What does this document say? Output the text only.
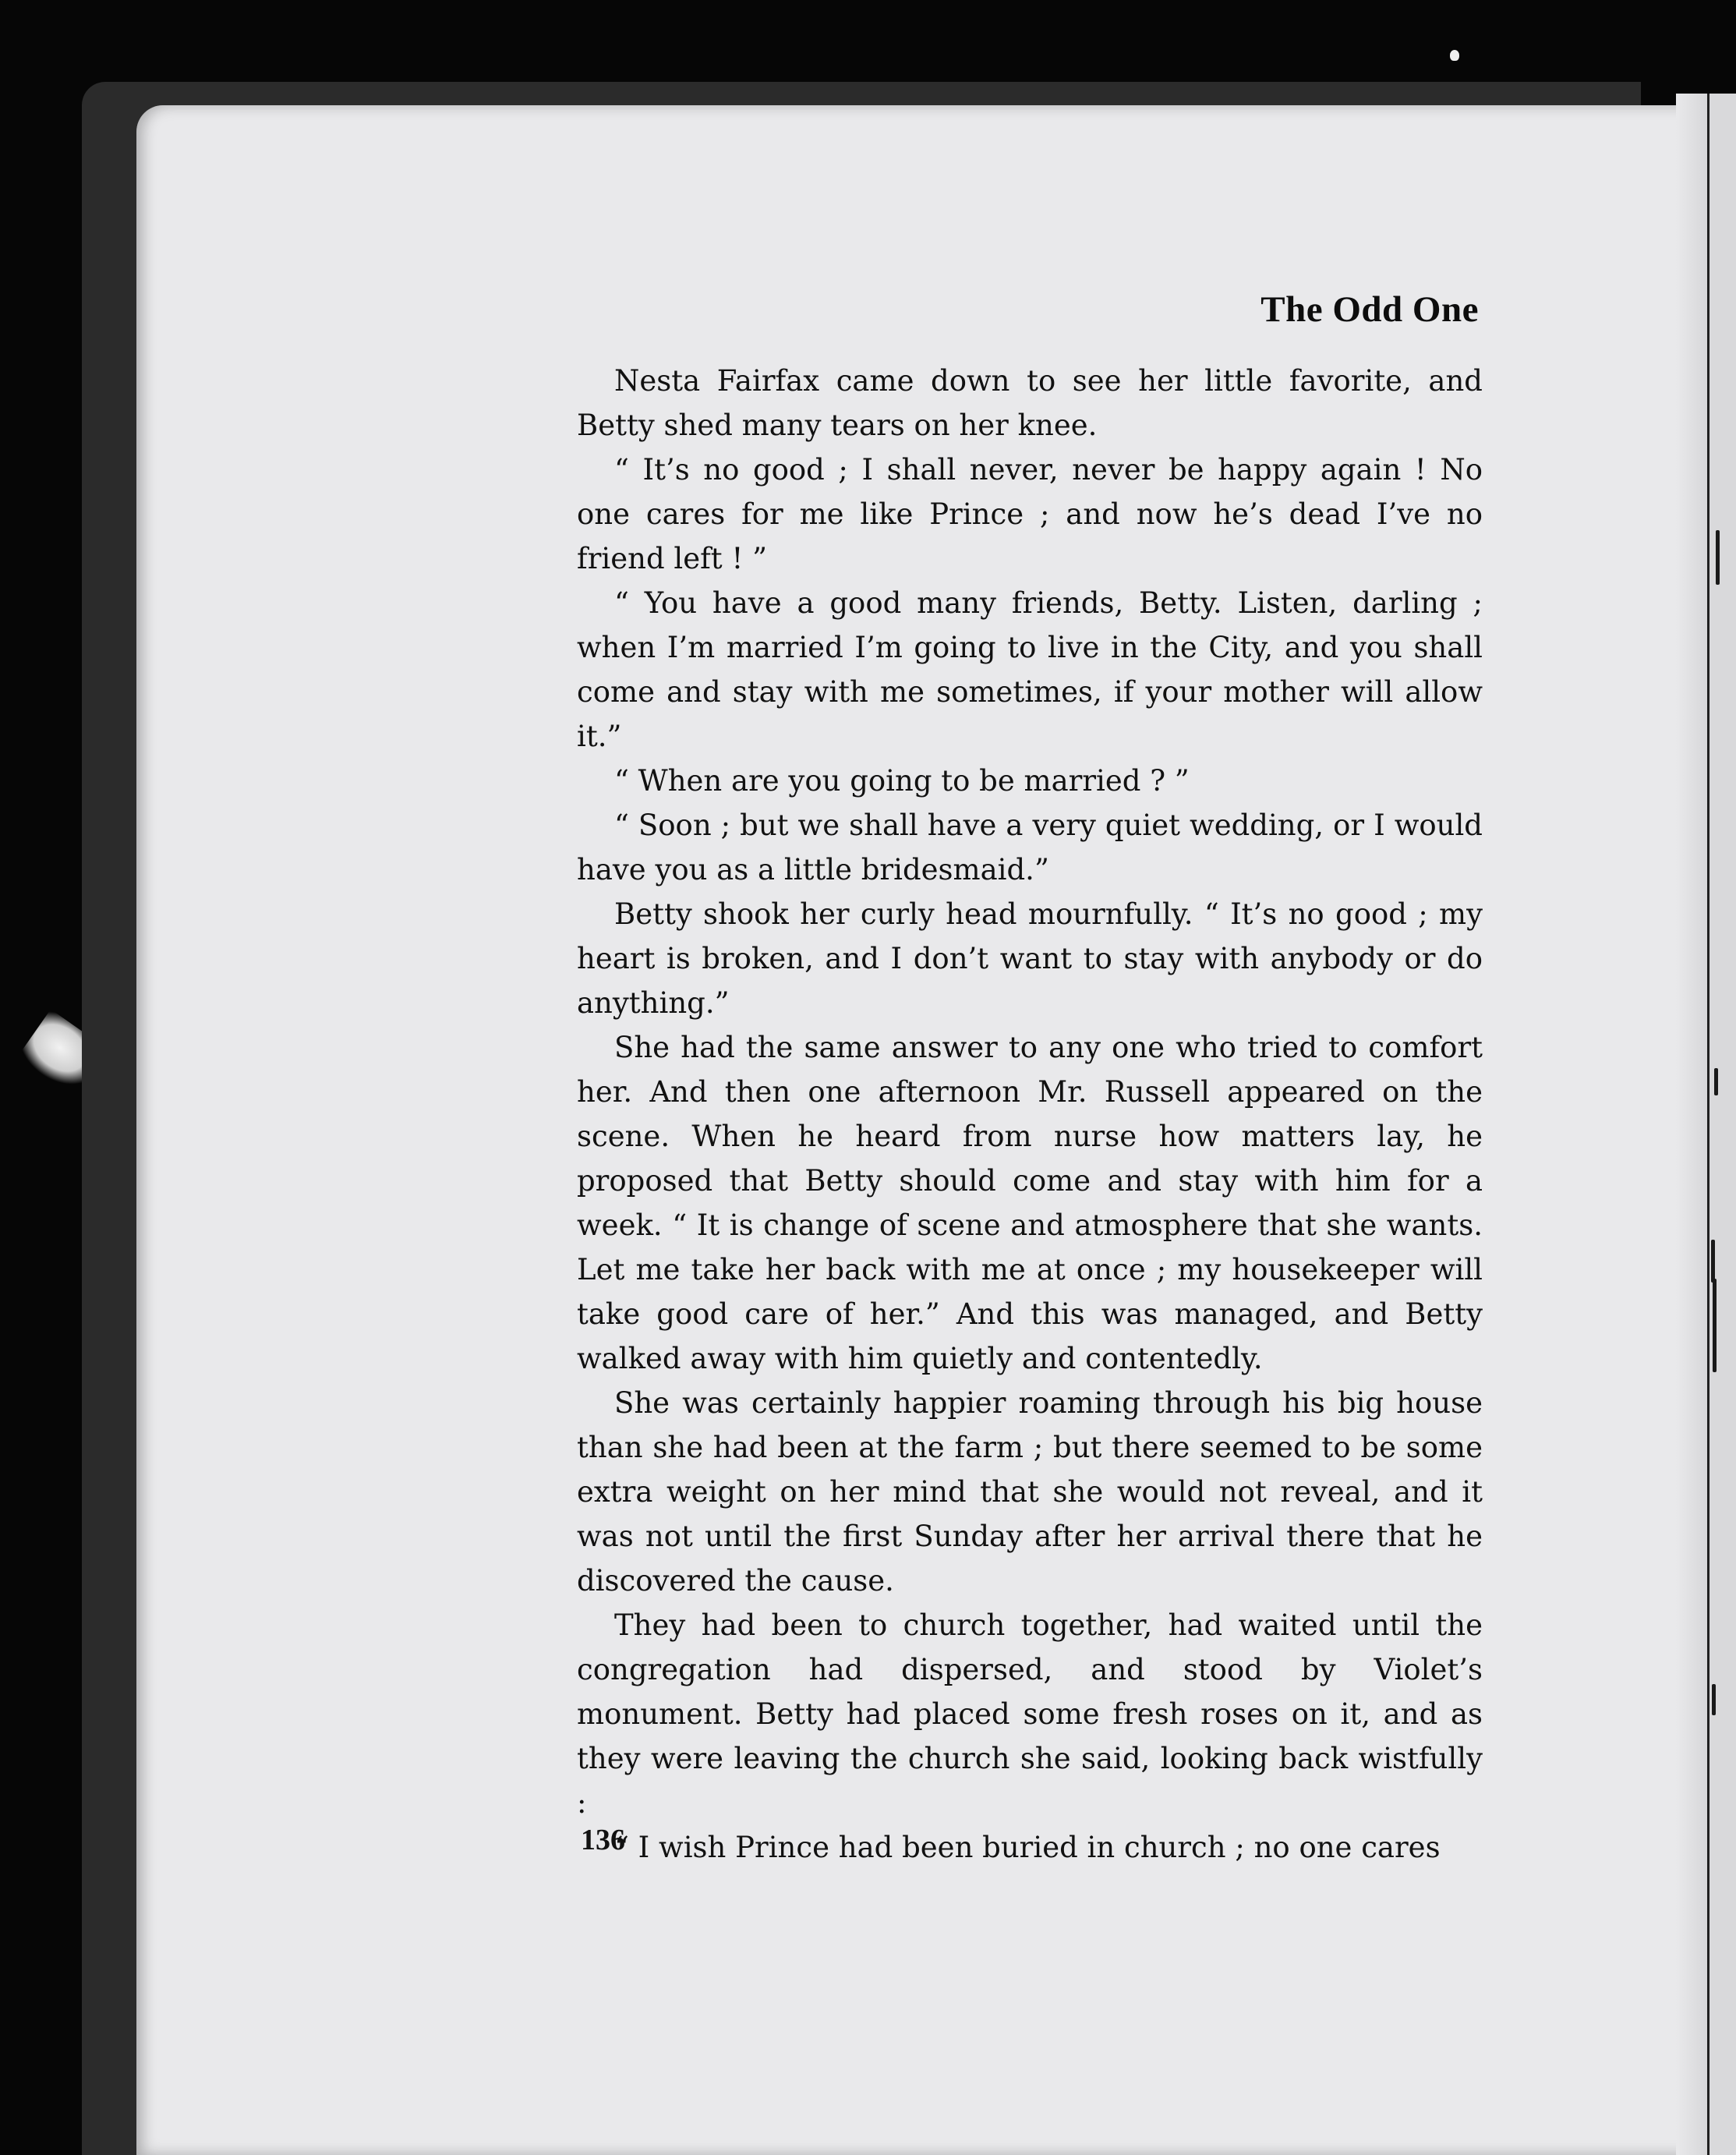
The Odd One

Nesta Fairfax came down to see her little favorite, and Betty shed many tears on her knee.

“ It’s no good ; I shall never, never be happy again ! No one cares for me like Prince ; and now he’s dead I’ve no friend left ! ”

“ You have a good many friends, Betty. Listen, darling ; when I’m married I’m going to live in the City, and you shall come and stay with me sometimes, if your mother will allow it.”

“ When are you going to be married ? ”

“ Soon ; but we shall have a very quiet wedding, or I would have you as a little bridesmaid.”

Betty shook her curly head mournfully. “ It’s no good ; my heart is broken, and I don’t want to stay with anybody or do anything.”

She had the same answer to any one who tried to comfort her. And then one afternoon Mr. Russell appeared on the scene. When he heard from nurse how matters lay, he proposed that Betty should come and stay with him for a week. “ It is change of scene and atmosphere that she wants. Let me take her back with me at once ; my housekeeper will take good care of her.” And this was managed, and Betty walked away with him quietly and contentedly.

She was certainly happier roaming through his big house than she had been at the farm ; but there seemed to be some extra weight on her mind that she would not reveal, and it was not until the first Sunday after her arrival there that he discovered the cause.

They had been to church together, had waited until the congregation had dispersed, and stood by Violet’s monument. Betty had placed some fresh roses on it, and as they were leaving the church she said, looking back wistfully :

“ I wish Prince had been buried in church ; no one cares

136
